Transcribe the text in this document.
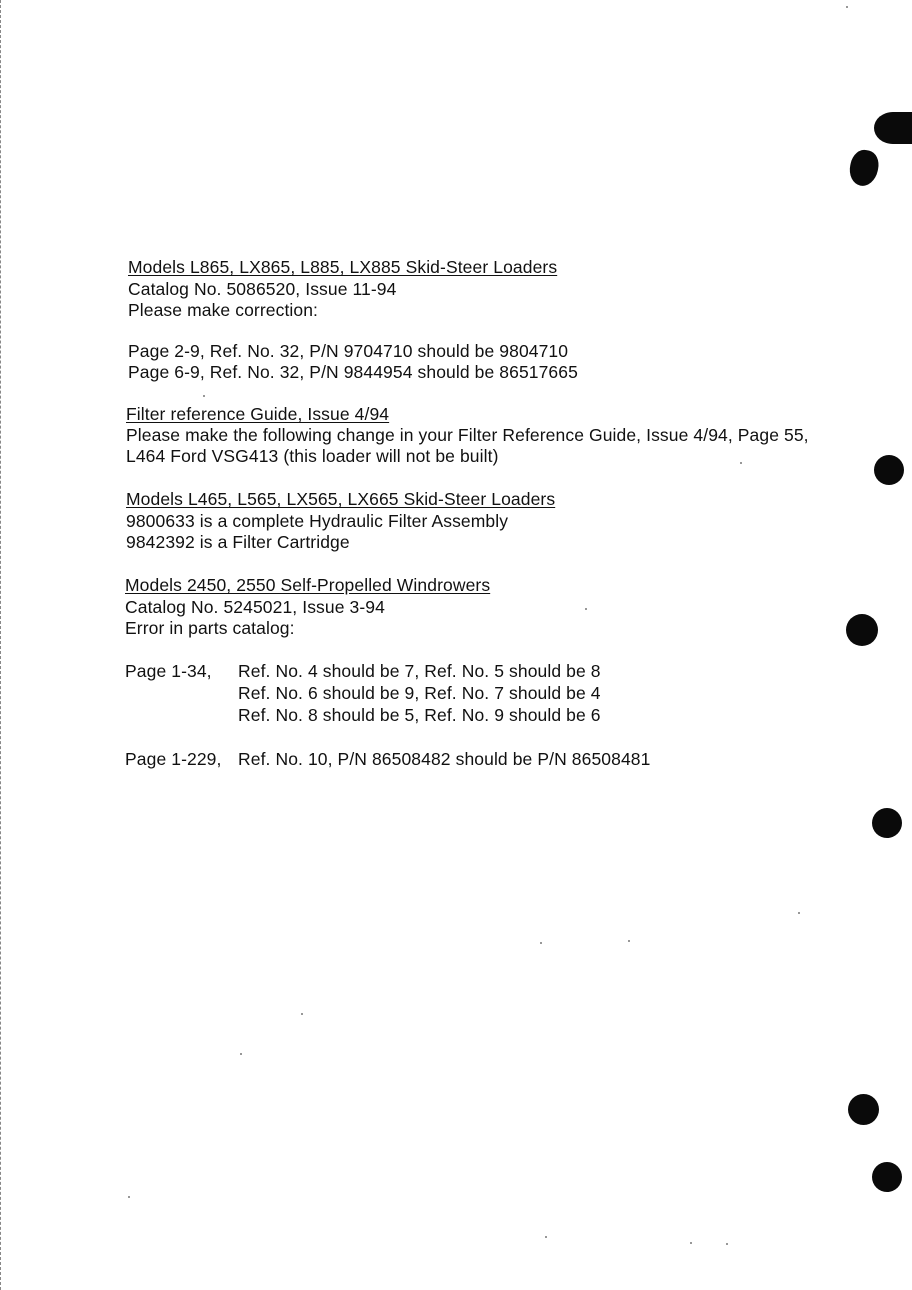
Models L865, LX865, L885, LX885 Skid-Steer Loaders
Catalog No. 5086520, Issue 11-94
Please make correction:
Page 2-9, Ref. No. 32, P/N 9704710 should be 9804710
Page 6-9, Ref. No. 32, P/N 9844954 should be 86517665
Filter reference Guide, Issue 4/94
Please make the following change in your Filter Reference Guide, Issue 4/94, Page 55,
L464 Ford VSG413 (this loader will not be built)
Models L465, L565, LX565, LX665 Skid-Steer Loaders
9800633 is a complete Hydraulic Filter Assembly
9842392 is a Filter Cartridge
Models 2450, 2550 Self-Propelled Windrowers
Catalog No. 5245021, Issue 3-94
Error in parts catalog:
Page 1-34, Ref. No. 4 should be 7, Ref. No. 5 should be 8
Ref. No. 6 should be 9, Ref. No. 7 should be 4
Ref. No. 8 should be 5, Ref. No. 9 should be 6
Page 1-229, Ref. No. 10, P/N 86508482 should be P/N 86508481
